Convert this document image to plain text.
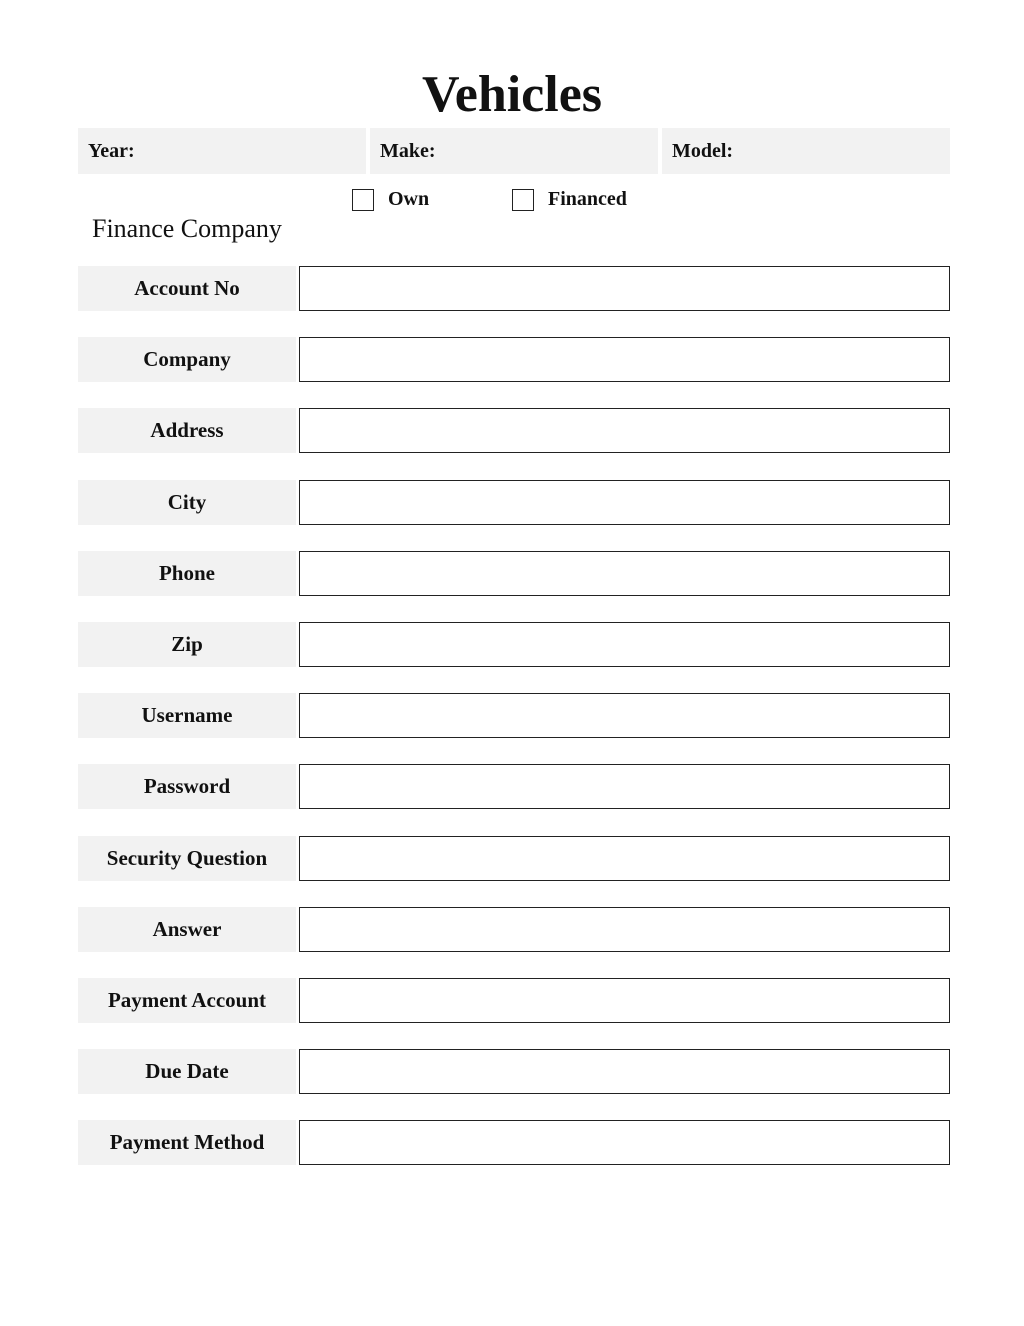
Vehicles
Year:	Make:	Model:
Own	Financed
Finance Company
Account No
Company
Address
City
Phone
Zip
Username
Password
Security Question
Answer
Payment Account
Due Date
Payment Method
